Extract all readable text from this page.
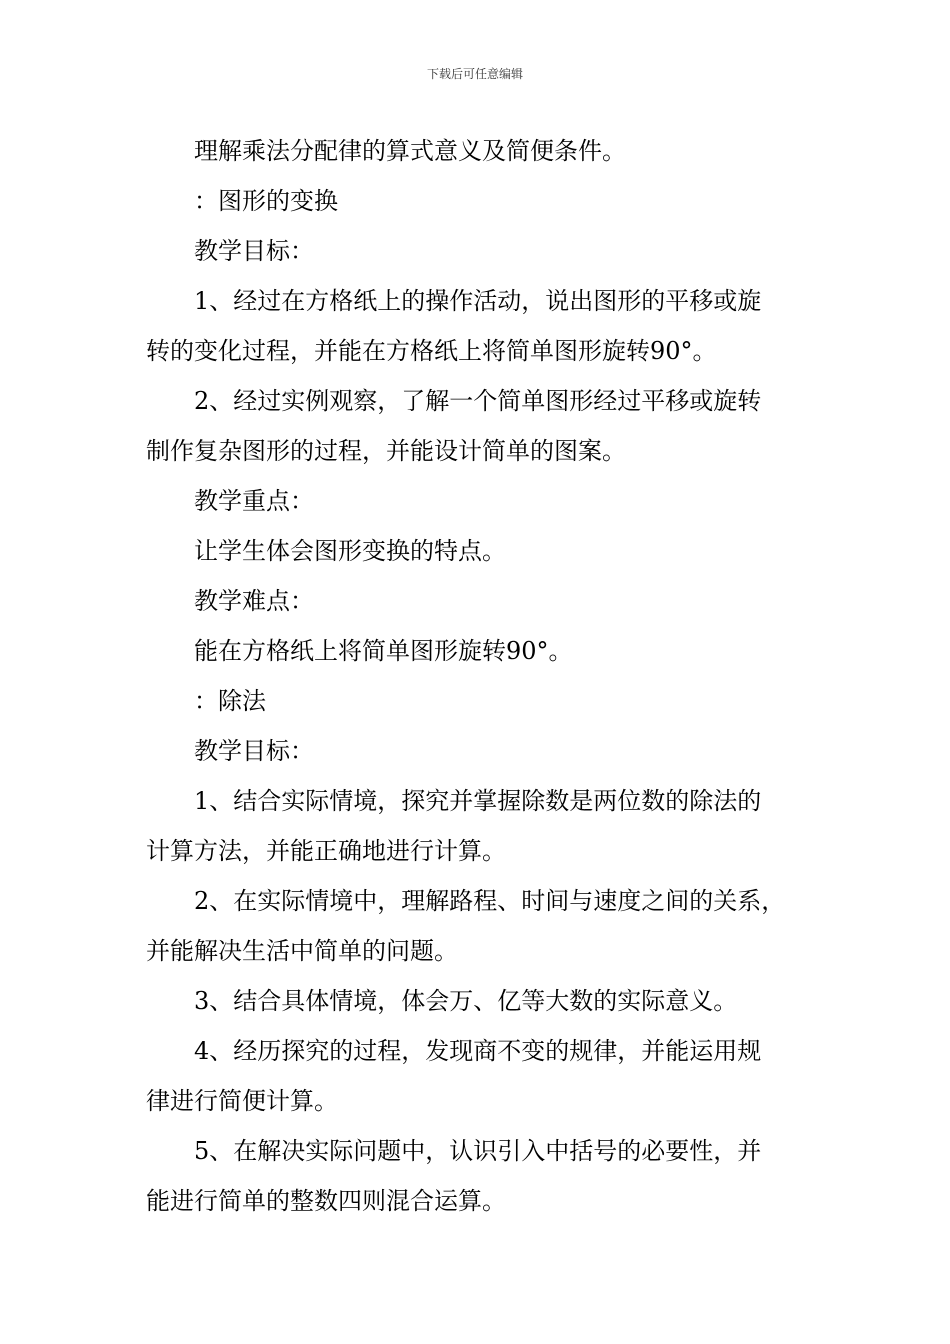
下载后可任意编辑

理解乘法分配律的算式意义及简便条件。

：图形的变换

教学目标：

1、经过在方格纸上的操作活动，说出图形的平移或旋

转的变化过程，并能在方格纸上将简单图形旋转90°。

2、经过实例观察，了解一个简单图形经过平移或旋转

制作复杂图形的过程，并能设计简单的图案。

教学重点：

让学生体会图形变换的特点。

教学难点：

能在方格纸上将简单图形旋转90°。

：除法

教学目标：

1、结合实际情境，探究并掌握除数是两位数的除法的

计算方法，并能正确地进行计算。

2、在实际情境中，理解路程、时间与速度之间的关系，

并能解决生活中简单的问题。

3、结合具体情境，体会万、亿等大数的实际意义。

4、经历探究的过程，发现商不变的规律，并能运用规

律进行简便计算。

5、在解决实际问题中，认识引入中括号的必要性，并

能进行简单的整数四则混合运算。
